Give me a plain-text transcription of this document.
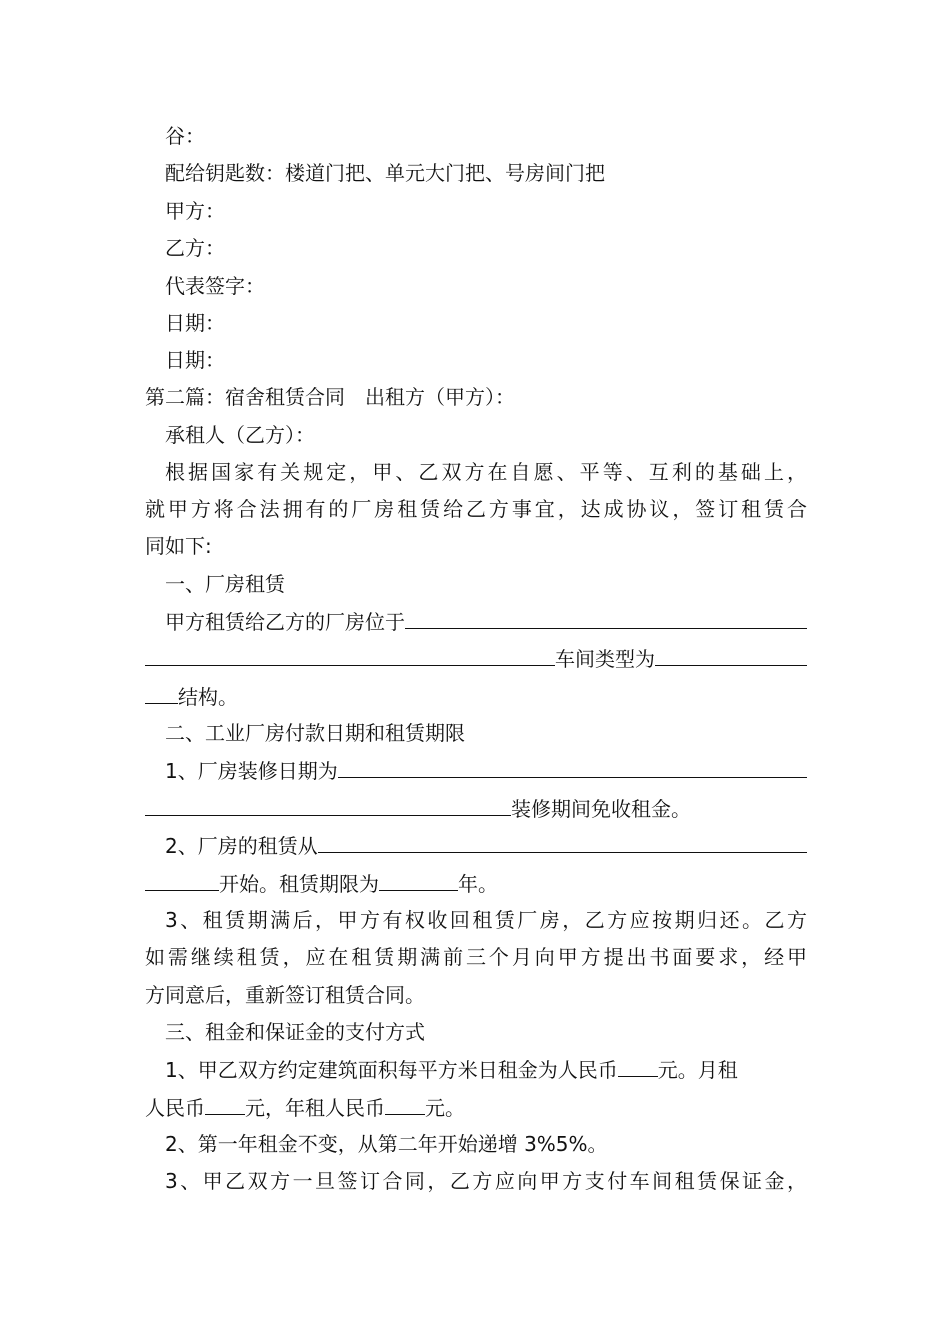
谷：
配给钥匙数：楼道门把、单元大门把、号房间门把
甲方：
乙方：
代表签字：
日期：
日期：
第二篇：宿舍租赁合同　出租方（甲方）：
承租人（乙方）：
根据国家有关规定，甲、乙双方在自愿、平等、互利的基础上，
就甲方将合法拥有的厂房租赁给乙方事宜，达成协议，签订租赁合
同如下:
一、厂房租赁
甲方租赁给乙方的厂房位于
车间类型为
结构。
二、工业厂房付款日期和租赁期限
1、厂房装修日期为
装修期间免收租金。
2、厂房的租赁从
开始。租赁期限为	年。
3、租赁期满后，甲方有权收回租赁厂房，乙方应按期归还。乙方
如需继续租赁，应在租赁期满前三个月向甲方提出书面要求，经甲
方同意后，重新签订租赁合同。
三、租金和保证金的支付方式
1、甲乙双方约定建筑面积每平方米日租金为人民币 元。月租
人民币 元，年租人民币 元。
2、第一年租金不变，从第二年开始递增 3%5%。
3、甲乙双方一旦签订合同，乙方应向甲方支付车间租赁保证金，
